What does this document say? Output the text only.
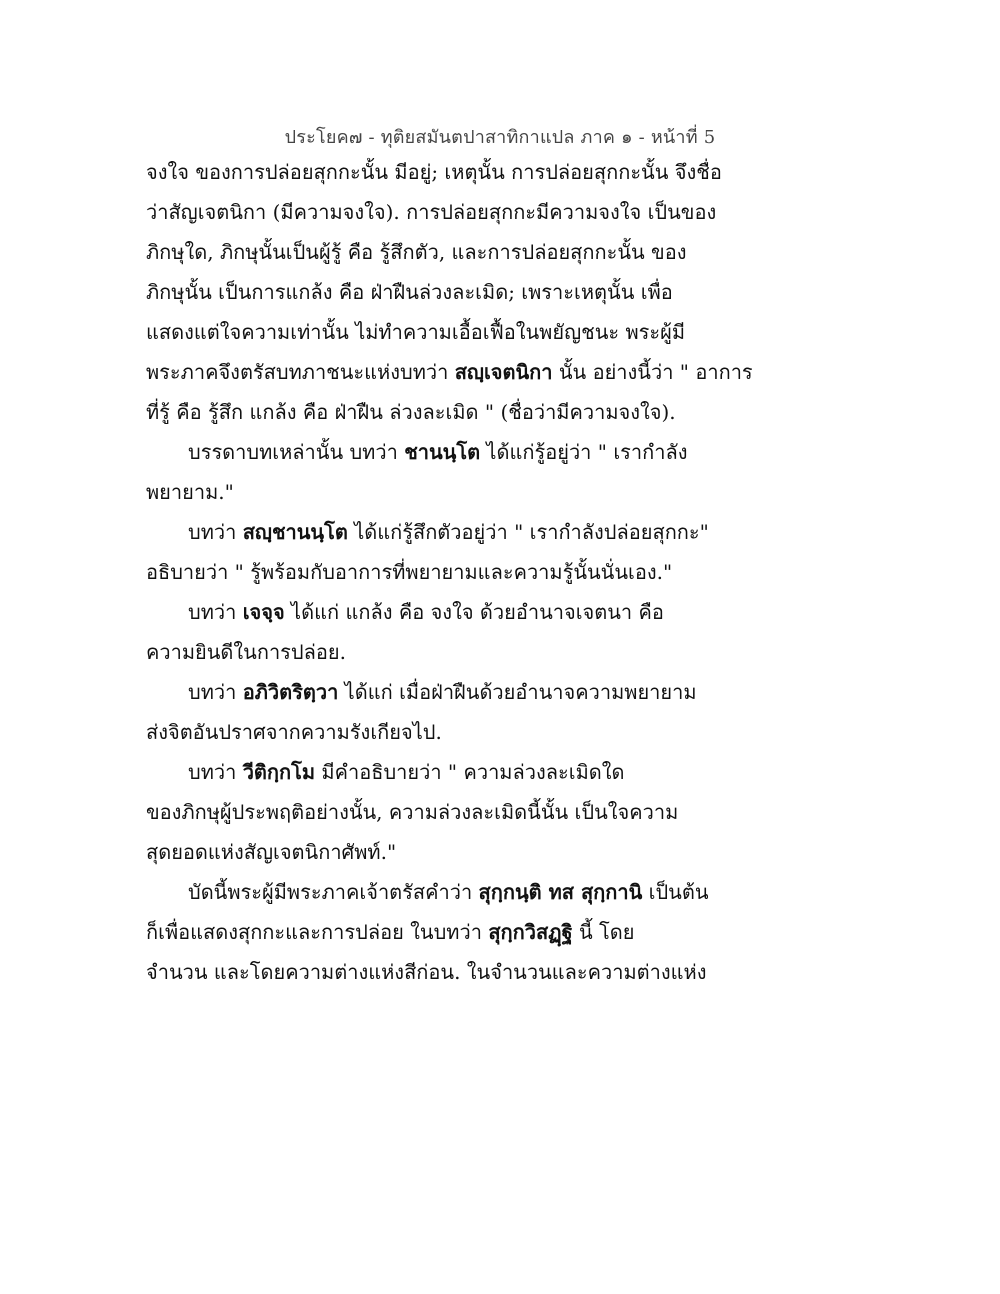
ประโยค๗ - ทุติยสมันตปาสาทิกาแปล ภาค ๑ - หน้าที่ 5
จงใจ ของการปล่อยสุกกะนั้น มีอยู่; เหตุนั้น การปล่อยสุกกะนั้น จึงชื่อ
ว่าสัญเจตนิกา (มีความจงใจ). การปล่อยสุกกะมีความจงใจ เป็นของ
ภิกษุใด, ภิกษุนั้นเป็นผู้รู้ คือ รู้สึกตัว, และการปล่อยสุกกะนั้น ของ
ภิกษุนั้น เป็นการแกล้ง คือ ฝ่าฝืนล่วงละเมิด; เพราะเหตุนั้น เพื่อ
แสดงแต่ใจความเท่านั้น ไม่ทำความเอื้อเฟื้อในพยัญชนะ พระผู้มี
พระภาคจึงตรัสบทภาชนะแห่งบทว่า สญฺเจตนิกา นั้น อย่างนี้ว่า " อาการ
ที่รู้ คือ รู้สึก แกล้ง คือ ฝ่าฝืน ล่วงละเมิด " (ชื่อว่ามีความจงใจ).
บรรดาบทเหล่านั้น บทว่า ชานนฺโต ได้แก่รู้อยู่ว่า " เรากำลัง
พยายาม."
บทว่า สญฺชานนฺโต ได้แก่รู้สึกตัวอยู่ว่า " เรากำลังปล่อยสุกกะ"
อธิบายว่า " รู้พร้อมกับอาการที่พยายามและความรู้นั้นนั่นเอง."
บทว่า เจจฺจ ได้แก่ แกล้ง คือ จงใจ ด้วยอำนาจเจตนา คือ
ความยินดีในการปล่อย.
บทว่า อภิวิตริตฺวา ได้แก่ เมื่อฝ่าฝืนด้วยอำนาจความพยายาม
ส่งจิตอันปราศจากความรังเกียจไป.
บทว่า วีติกฺกโม มีคำอธิบายว่า " ความล่วงละเมิดใด
ของภิกษุผู้ประพฤติอย่างนั้น, ความล่วงละเมิดนี้นั้น เป็นใจความ
สุดยอดแห่งสัญเจตนิกาศัพท์."
บัดนี้พระผู้มีพระภาคเจ้าตรัสคำว่า สุกฺกนฺติ ทส สุกฺกานิ เป็นต้น
ก็เพื่อแสดงสุกกะและการปล่อย ในบทว่า สุกฺกวิสฏฺฐิ นี้ โดย
จำนวน และโดยความต่างแห่งสีก่อน. ในจำนวนและความต่างแห่ง
